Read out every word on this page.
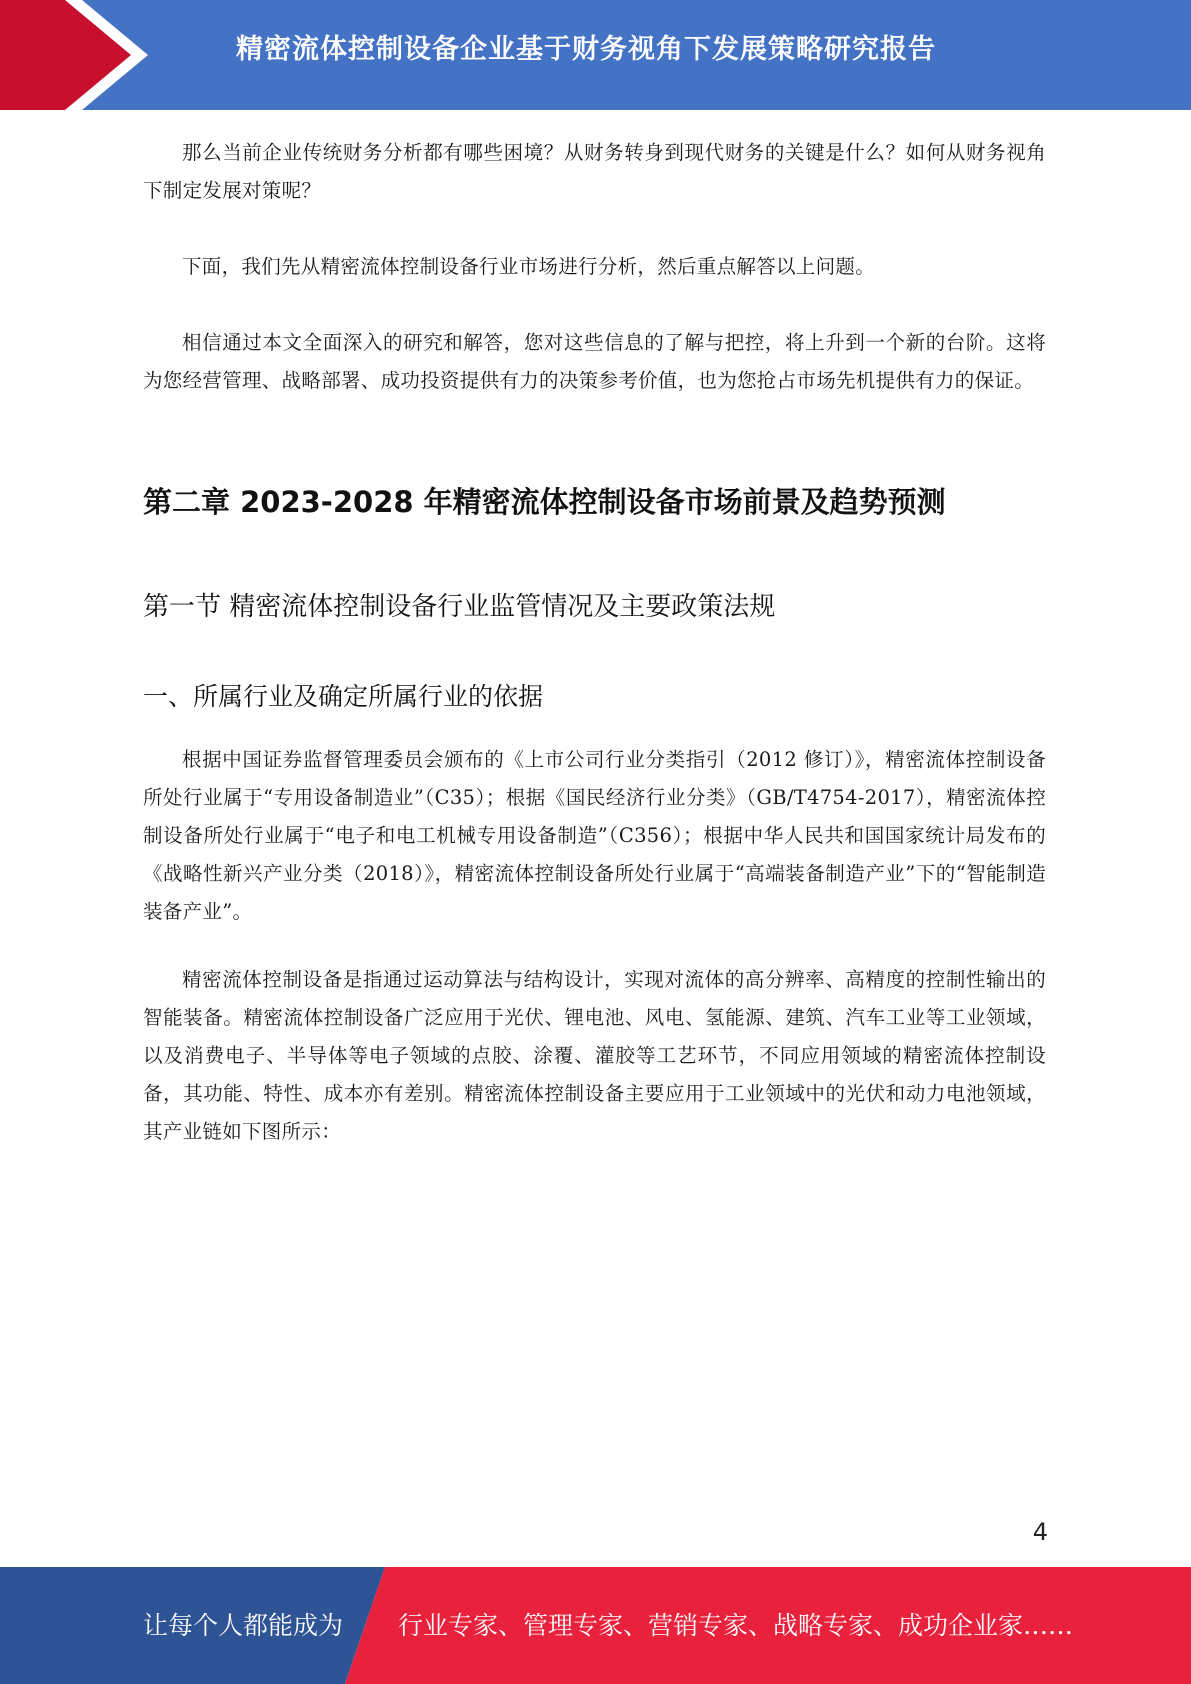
精密流体控制设备企业基于财务视角下发展策略研究报告

那么当前企业传统财务分析都有哪些困境？从财务转身到现代财务的关键是什么？如何从财务视角下制定发展对策呢？

下面，我们先从精密流体控制设备行业市场进行分析，然后重点解答以上问题。

相信通过本文全面深入的研究和解答，您对这些信息的了解与把控，将上升到一个新的台阶。这将为您经营管理、战略部署、成功投资提供有力的决策参考价值，也为您抢占市场先机提供有力的保证。

第二章 2023-2028 年精密流体控制设备市场前景及趋势预测
第一节 精密流体控制设备行业监管情况及主要政策法规
一、所属行业及确定所属行业的依据

根据中国证券监督管理委员会颁布的《上市公司行业分类指引（2012 修订）》，精密流体控制设备所处行业属于“专用设备制造业”（C35）；根据《国民经济行业分类》（GB/T4754-2017），精密流体控制设备所处行业属于“电子和电工机械专用设备制造”（C356）；根据中华人民共和国国家统计局发布的《战略性新兴产业分类（2018）》，精密流体控制设备所处行业属于“高端装备制造产业”下的“智能制造装备产业”。

精密流体控制设备是指通过运动算法与结构设计，实现对流体的高分辨率、高精度的控制性输出的智能装备。精密流体控制设备广泛应用于光伏、锂电池、风电、氢能源、建筑、汽车工业等工业领域，以及消费电子、半导体等电子领域的点胶、涂覆、灌胶等工艺环节，不同应用领域的精密流体控制设备，其功能、特性、成本亦有差别。精密流体控制设备主要应用于工业领域中的光伏和动力电池领域，其产业链如下图所示：

4
让每个人都能成为 行业专家、管理专家、营销专家、战略专家、成功企业家……
